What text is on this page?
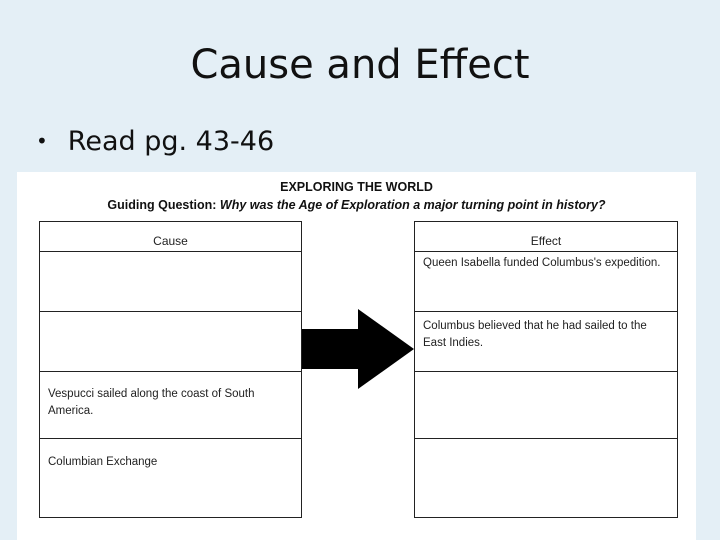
Cause and Effect
• Read pg. 43-46
EXPLORING THE WORLD
Guiding Question: Why was the Age of Exploration a major turning point in history?
Cause
Vespucci sailed along the coast of South America.
Columbian Exchange
Effect
Queen Isabella funded Columbus's expedition.
Columbus believed that he had sailed to the East Indies.
